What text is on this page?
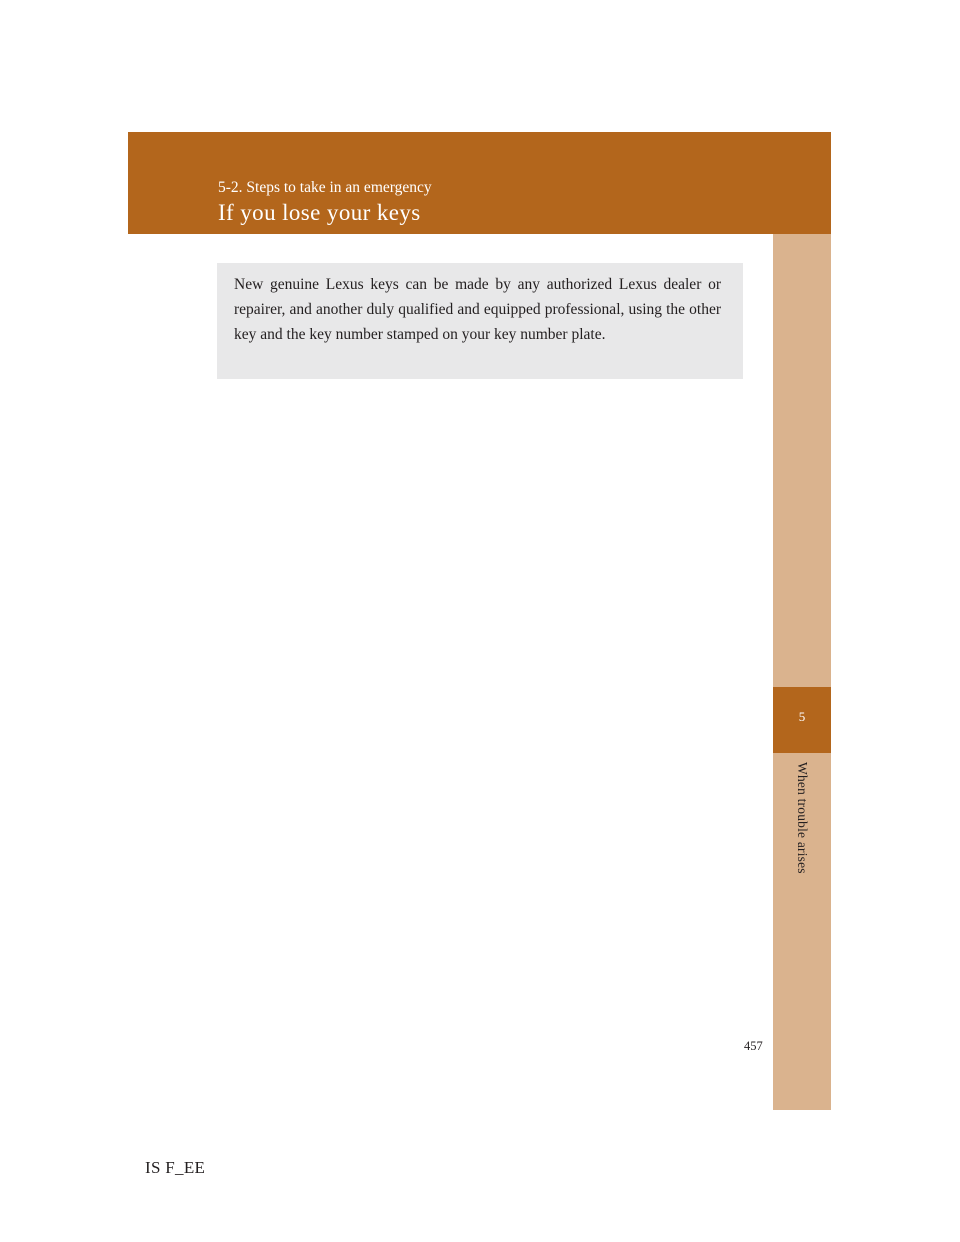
5-2. Steps to take in an emergency
If you lose your keys
5
When trouble arises

New genuine Lexus keys can be made by any authorized Lexus dealer or repairer, and another duly qualified and equipped professional, using the other key and the key number stamped on your key number plate.

457
IS F_EE
